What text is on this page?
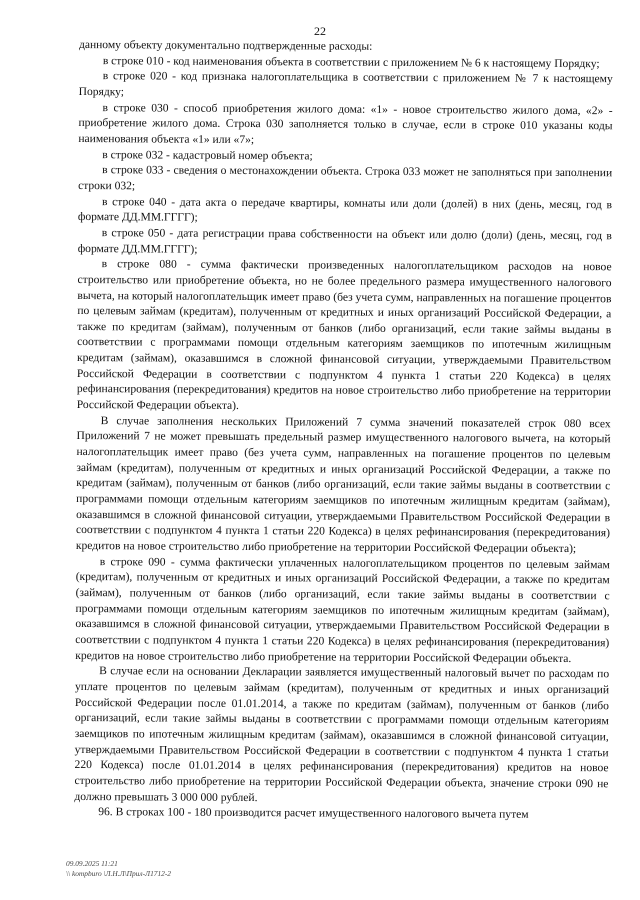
22

данному объекту документально подтвержденные расходы:

в строке 010 - код наименования объекта в соответствии с приложением № 6 к настоящему Порядку;

в строке 020 - код признака налогоплательщика в соответствии с приложением № 7 к настоящему Порядку;

в строке 030 - способ приобретения жилого дома: «1» - новое строительство жилого дома, «2» - приобретение жилого дома. Строка 030 заполняется только в случае, если в строке 010 указаны коды наименования объекта «1» или «7»;

в строке 032 - кадастровый номер объекта;

в строке 033 - сведения о местонахождении объекта. Строка 033 может не заполняться при заполнении строки 032;

в строке 040 - дата акта о передаче квартиры, комнаты или доли (долей) в них (день, месяц, год в формате ДД.ММ.ГГГГ);

в строке 050 - дата регистрации права собственности на объект или долю (доли) (день, месяц, год в формате ДД.ММ.ГГГГ);

в строке 080 - сумма фактически произведенных налогоплательщиком расходов на новое строительство или приобретение объекта, но не более предельного размера имущественного налогового вычета, на который налогоплательщик имеет право (без учета сумм, направленных на погашение процентов по целевым займам (кредитам), полученным от кредитных и иных организаций Российской Федерации, а также по кредитам (займам), полученным от банков (либо организаций, если такие займы выданы в соответствии с программами помощи отдельным категориям заемщиков по ипотечным жилищным кредитам (займам), оказавшимся в сложной финансовой ситуации, утверждаемыми Правительством Российской Федерации в соответствии с подпунктом 4 пункта 1 статьи 220 Кодекса) в целях рефинансирования (перекредитования) кредитов на новое строительство либо приобретение на территории Российской Федерации объекта).

В случае заполнения нескольких Приложений 7 сумма значений показателей строк 080 всех Приложений 7 не может превышать предельный размер имущественного налогового вычета, на который налогоплательщик имеет право (без учета сумм, направленных на погашение процентов по целевым займам (кредитам), полученным от кредитных и иных организаций Российской Федерации, а также по кредитам (займам), полученным от банков (либо организаций, если такие займы выданы в соответствии с программами помощи отдельным категориям заемщиков по ипотечным жилищным кредитам (займам), оказавшимся в сложной финансовой ситуации, утверждаемыми Правительством Российской Федерации в соответствии с подпунктом 4 пункта 1 статьи 220 Кодекса) в целях рефинансирования (перекредитования) кредитов на новое строительство либо приобретение на территории Российской Федерации объекта);

в строке 090 - сумма фактически уплаченных налогоплательщиком процентов по целевым займам (кредитам), полученным от кредитных и иных организаций Российской Федерации, а также по кредитам (займам), полученным от банков (либо организаций, если такие займы выданы в соответствии с программами помощи отдельным категориям заемщиков по ипотечным жилищным кредитам (займам), оказавшимся в сложной финансовой ситуации, утверждаемыми Правительством Российской Федерации в соответствии с подпунктом 4 пункта 1 статьи 220 Кодекса) в целях рефинансирования (перекредитования) кредитов на новое строительство либо приобретение на территории Российской Федерации объекта.

В случае если на основании Декларации заявляется имущественный налоговый вычет по расходам по уплате процентов по целевым займам (кредитам), полученным от кредитных и иных организаций Российской Федерации после 01.01.2014, а также по кредитам (займам), полученным от банков (либо организаций, если такие займы выданы в соответствии с программами помощи отдельным категориям заемщиков по ипотечным жилищным кредитам (займам), оказавшимся в сложной финансовой ситуации, утверждаемыми Правительством Российской Федерации в соответствии с подпунктом 4 пункта 1 статьи 220 Кодекса) после 01.01.2014 в целях рефинансирования (перекредитования) кредитов на новое строительство либо приобретение на территории Российской Федерации объекта, значение строки 090 не должно превышать 3 000 000 рублей.

96. В строках 100 - 180 производится расчет имущественного налогового вычета путем

09.09.2025 11:21
\\ kompburo \Л.Н.Л\Прил-Л1712-2
